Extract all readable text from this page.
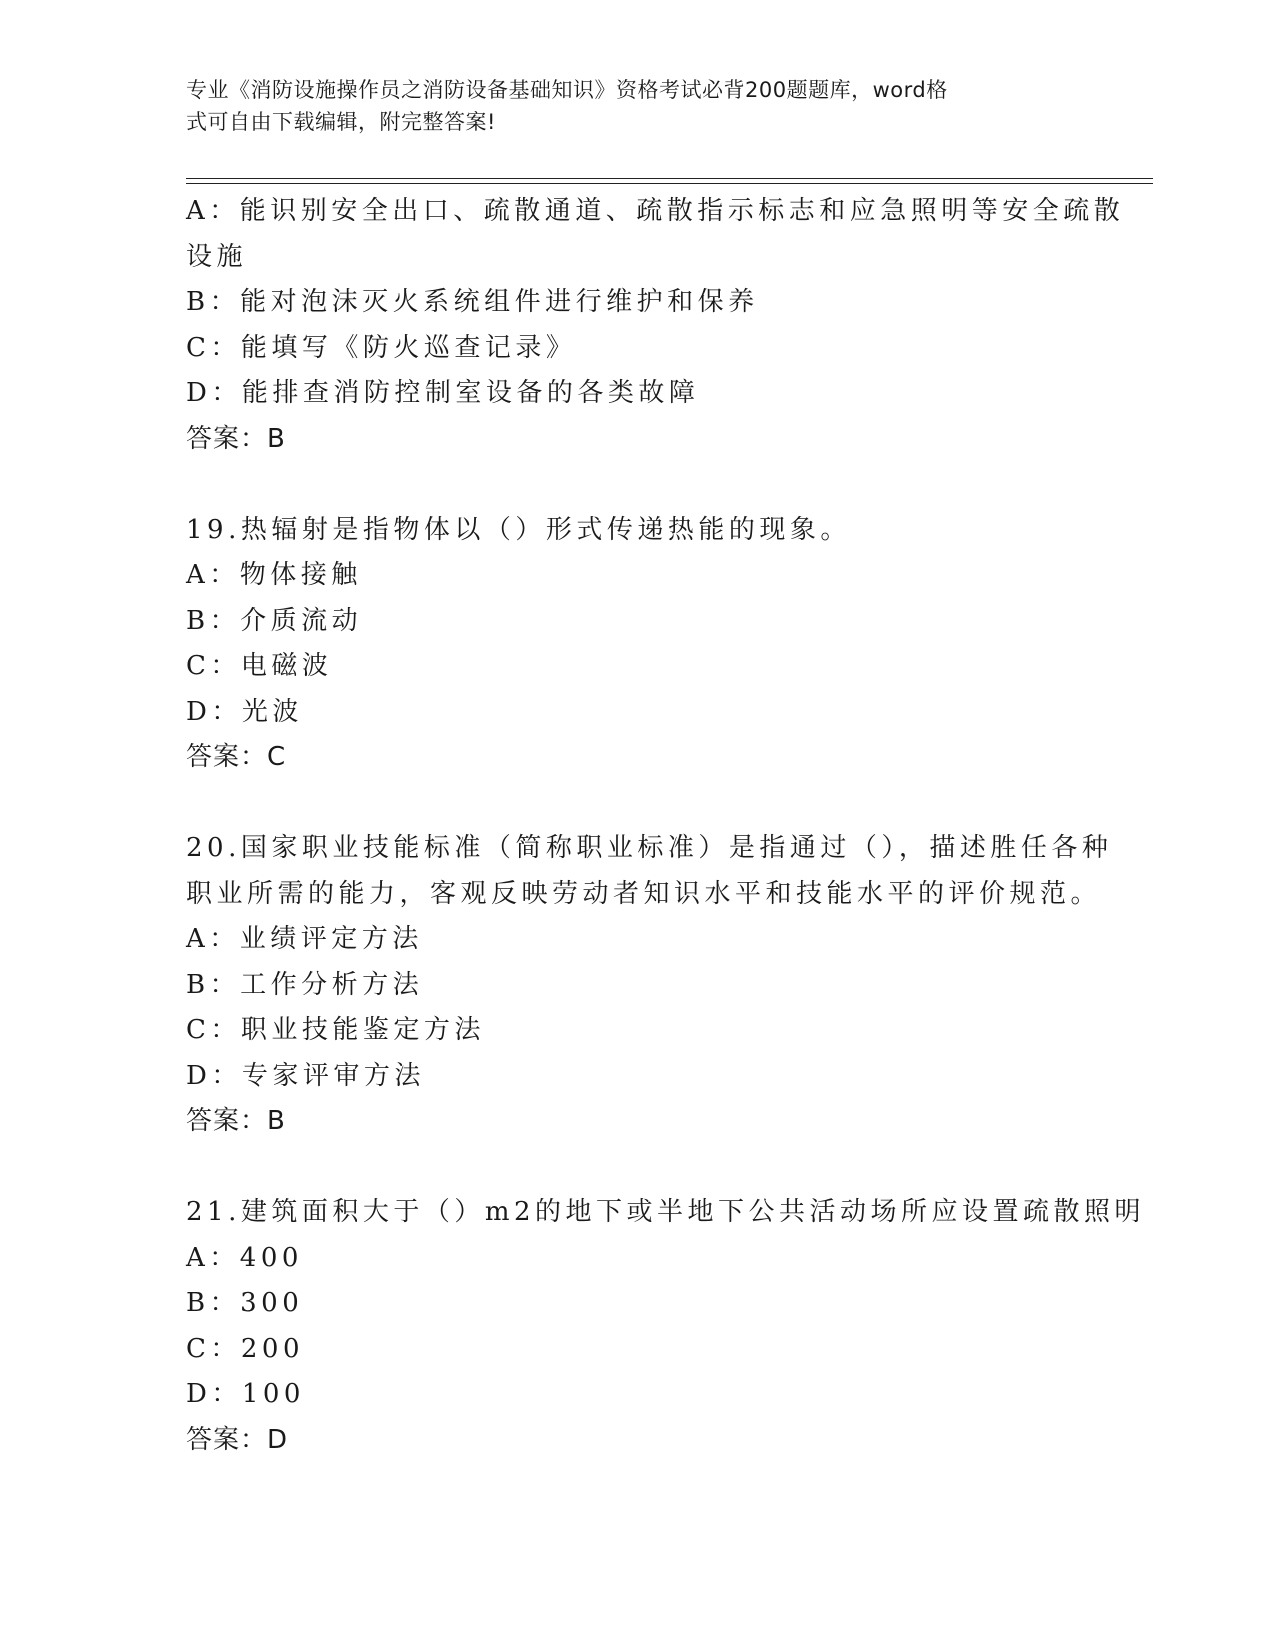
专业《消防设施操作员之消防设备基础知识》资格考试必背200题题库，word格
式可自由下载编辑，附完整答案!

A：能识别安全出口、疏散通道、疏散指示标志和应急照明等安全疏散

设施

B：能对泡沫灭火系统组件进行维护和保养

C：能填写《防火巡查记录》

D：能排查消防控制室设备的各类故障

答案：B

19.热辐射是指物体以（）形式传递热能的现象。

A：物体接触

B：介质流动

C：电磁波

D：光波

答案：C

20.国家职业技能标准（简称职业标准）是指通过（），描述胜任各种

职业所需的能力，客观反映劳动者知识水平和技能水平的评价规范。

A：业绩评定方法

B：工作分析方法

C：职业技能鉴定方法

D：专家评审方法

答案：B

21.建筑面积大于（）m2的地下或半地下公共活动场所应设置疏散照明

A：400

B：300

C：200

D：100

答案：D
